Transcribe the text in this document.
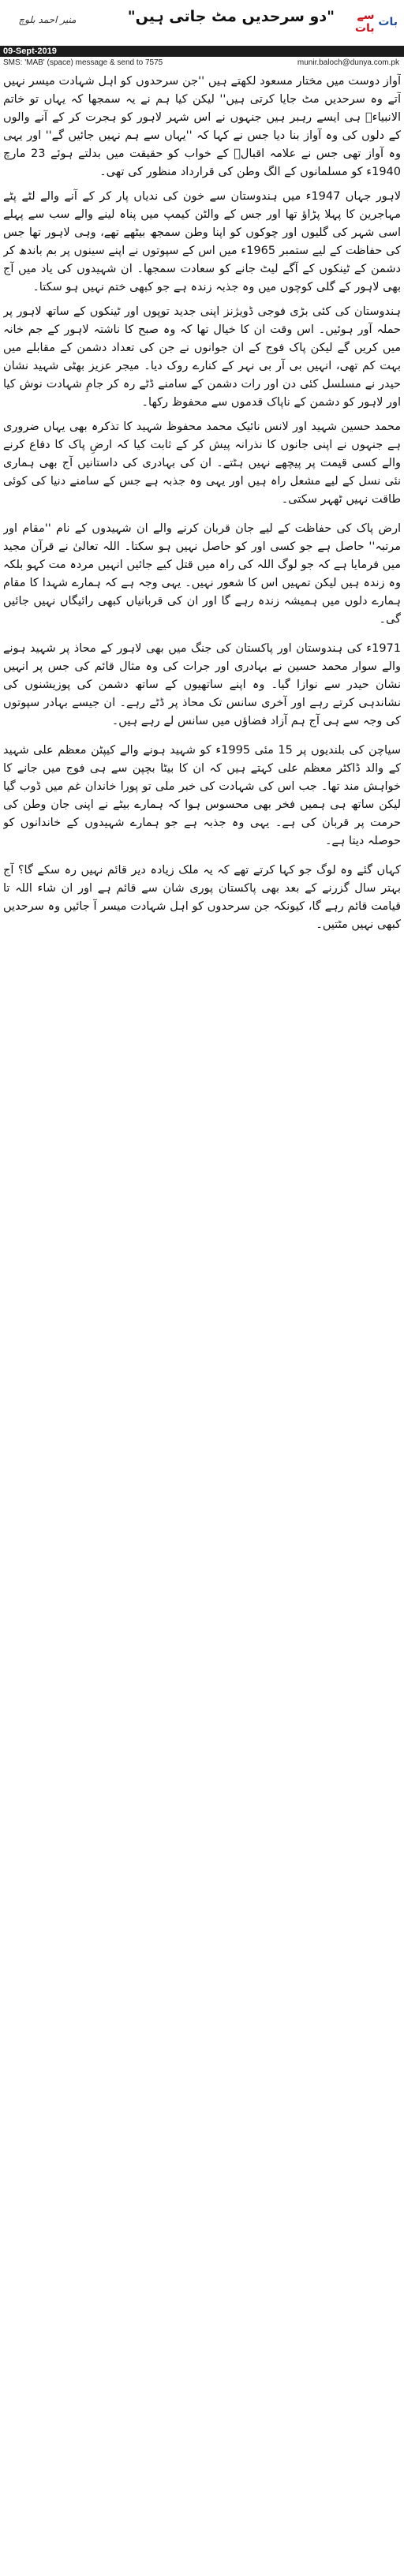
بات

سے بات
"دو سرحدیں مٹ جاتی ہیں"
منیر احمد بلوچ
09-Sept-2019
SMS: 'MAB' (space) message & send to 7575	munir.baloch@dunya.com.pk

آواز دوست میں مختار مسعود لکھتے ہیں ''جن سرحدوں کو اہل شہادت میسر نہیں آتے وہ سرحدیں مٹ جایا کرتی ہیں'' لیکن کیا ہم نے یہ سمجھا کہ یہاں تو خاتم الانبیاءؐ ہی ایسے رہبر ہیں جنہوں نے اس شہر لاہور کو ہجرت کر کے آنے والوں کے دلوں کی وہ آواز بنا دیا جس نے کہا کہ ''یہاں سے ہم نہیں جائیں گے'' اور یہی وہ آواز تھی جس نے علامہ اقبالؒ کے خواب کو حقیقت میں بدلتے ہوئے 23 مارچ 1940ء کو مسلمانوں کے الگ وطن کی قرارداد منظور کی تھی۔

لاہور جہاں 1947ء میں ہندوستان سے خون کی ندیاں پار کر کے آنے والے لٹے پٹے مہاجرین کا پہلا پڑاؤ تھا اور جس کے والٹن کیمپ میں پناہ لینے والے سب سے پہلے اسی شہر کی گلیوں اور چوکوں کو اپنا وطن سمجھ بیٹھے تھے، وہی لاہور تھا جس کی حفاظت کے لیے ستمبر 1965ء میں اس کے سپوتوں نے اپنے سینوں پر بم باندھ کر دشمن کے ٹینکوں کے آگے لیٹ جانے کو سعادت سمجھا۔ ان شہیدوں کی یاد میں آج بھی لاہور کے گلی کوچوں میں وہ جذبہ زندہ ہے جو کبھی ختم نہیں ہو سکتا۔

ہندوستان کی کئی بڑی فوجی ڈویژنز اپنی جدید توپوں اور ٹینکوں کے ساتھ لاہور پر حملہ آور ہوئیں۔ اس وقت ان کا خیال تھا کہ وہ صبح کا ناشتہ لاہور کے جم خانہ میں کریں گے لیکن پاک فوج کے ان جوانوں نے جن کی تعداد دشمن کے مقابلے میں بہت کم تھی، انہیں بی آر بی نہر کے کنارے روک دیا۔ میجر عزیز بھٹی شہید نشان حیدر نے مسلسل کئی دن اور رات دشمن کے سامنے ڈٹے رہ کر جامِ شہادت نوش کیا اور لاہور کو دشمن کے ناپاک قدموں سے محفوظ رکھا۔

محمد حسین شہید اور لانس نائیک محمد محفوظ شہید کا تذکرہ بھی یہاں ضروری ہے جنہوں نے اپنی جانوں کا نذرانہ پیش کر کے ثابت کیا کہ ارضِ پاک کا دفاع کرنے والے کسی قیمت پر پیچھے نہیں ہٹتے۔ ان کی بہادری کی داستانیں آج بھی ہماری نئی نسل کے لیے مشعل راہ ہیں اور یہی وہ جذبہ ہے جس کے سامنے دنیا کی کوئی طاقت نہیں ٹھہر سکتی۔

ارض پاک کی حفاظت کے لیے جان قربان کرنے والے ان شہیدوں کے نام ''مقام اور مرتبہ'' حاصل ہے جو کسی اور کو حاصل نہیں ہو سکتا۔ اللہ تعالیٰ نے قرآن مجید میں فرمایا ہے کہ جو لوگ اللہ کی راہ میں قتل کیے جائیں انہیں مردہ مت کہو بلکہ وہ زندہ ہیں لیکن تمہیں اس کا شعور نہیں۔ یہی وجہ ہے کہ ہمارے شہدا کا مقام ہمارے دلوں میں ہمیشہ زندہ رہے گا اور ان کی قربانیاں کبھی رائیگاں نہیں جائیں گی۔

1971ء کی ہندوستان اور پاکستان کی جنگ میں بھی لاہور کے محاذ پر شہید ہونے والے سوار محمد حسین نے بہادری اور جرات کی وہ مثال قائم کی جس پر انہیں نشان حیدر سے نوازا گیا۔ وہ اپنے ساتھیوں کے ساتھ دشمن کی پوزیشنوں کی نشاندہی کرتے رہے اور آخری سانس تک محاذ پر ڈٹے رہے۔ ان جیسے بہادر سپوتوں کی وجہ سے ہی آج ہم آزاد فضاؤں میں سانس لے رہے ہیں۔

سیاچن کی بلندیوں پر 15 مئی 1995ء کو شہید ہونے والے کیپٹن معظم علی شہید کے والد ڈاکٹر معظم علی کہتے ہیں کہ ان کا بیٹا بچپن سے ہی فوج میں جانے کا خواہش مند تھا۔ جب اس کی شہادت کی خبر ملی تو پورا خاندان غم میں ڈوب گیا لیکن ساتھ ہی ہمیں فخر بھی محسوس ہوا کہ ہمارے بیٹے نے اپنی جان وطن کی حرمت پر قربان کی ہے۔ یہی وہ جذبہ ہے جو ہمارے شہیدوں کے خاندانوں کو حوصلہ دیتا ہے۔

کہاں گئے وہ لوگ جو کہا کرتے تھے کہ یہ ملک زیادہ دیر قائم نہیں رہ سکے گا؟ آج بہتر سال گزرنے کے بعد بھی پاکستان پوری شان سے قائم ہے اور ان شاء اللہ تا قیامت قائم رہے گا، کیونکہ جن سرحدوں کو اہل شہادت میسر آ جائیں وہ سرحدیں کبھی نہیں مٹتیں۔
